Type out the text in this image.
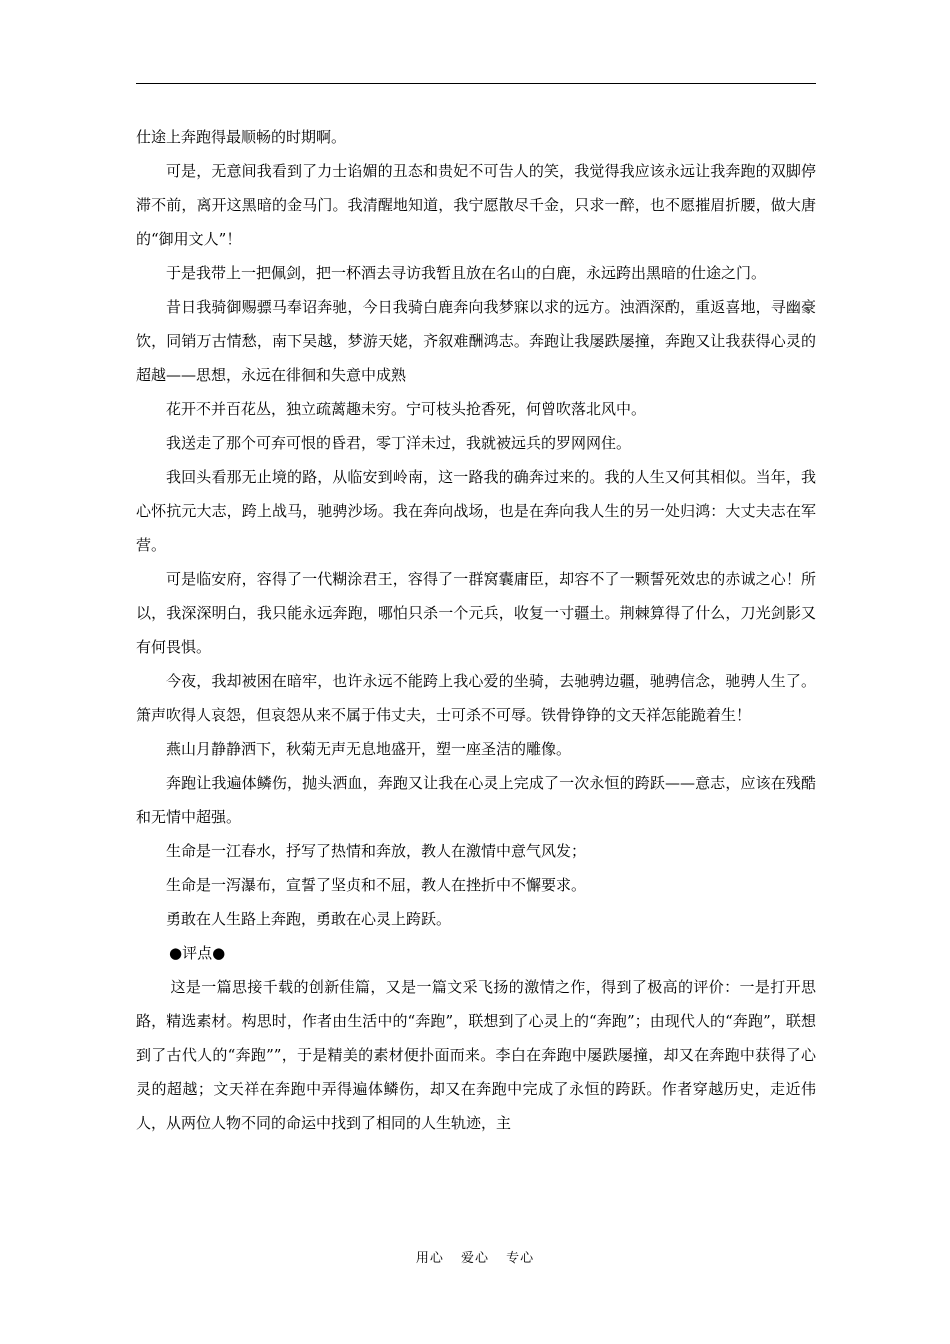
仕途上奔跑得最顺畅的时期啊。

可是，无意间我看到了力士谄媚的丑态和贵妃不可告人的笑，我觉得我应该永远让我奔跑的双脚停滞不前，离开这黑暗的金马门。我清醒地知道，我宁愿散尽千金，只求一醉，也不愿摧眉折腰，做大唐的“御用文人”！

于是我带上一把佩剑，把一杯酒去寻访我暂且放在名山的白鹿，永远跨出黑暗的仕途之门。

昔日我骑御赐骠马奉诏奔驰，今日我骑白鹿奔向我梦寐以求的远方。浊酒深酌，重返喜地，寻幽豪饮，同销万古情愁，南下吴越，梦游天姥，齐叙难酬鸿志。奔跑让我屡跌屡撞，奔跑又让我获得心灵的超越——思想，永远在徘徊和失意中成熟

花开不并百花丛，独立疏蓠趣未穷。宁可枝头抢香死，何曾吹落北风中。

我送走了那个可弃可恨的昏君，零丁洋未过，我就被远兵的罗网网住。

我回头看那无止境的路，从临安到岭南，这一路我的确奔过来的。我的人生又何其相似。当年，我心怀抗元大志，跨上战马，驰骋沙场。我在奔向战场，也是在奔向我人生的另一处归鸿：大丈夫志在军营。

可是临安府，容得了一代糊涂君王，容得了一群窝囊庸臣，却容不了一颗誓死效忠的赤诚之心！所以，我深深明白，我只能永远奔跑，哪怕只杀一个元兵，收复一寸疆土。荆棘算得了什么，刀光剑影又有何畏惧。

今夜，我却被困在暗牢，也许永远不能跨上我心爱的坐骑，去驰骋边疆，驰骋信念，驰骋人生了。箫声吹得人哀怨，但哀怨从来不属于伟丈夫，士可杀不可辱。铁骨铮铮的文天祥怎能跪着生！

燕山月静静洒下，秋菊无声无息地盛开，塑一座圣洁的雕像。

奔跑让我遍体鳞伤，抛头洒血，奔跑又让我在心灵上完成了一次永恒的跨跃——意志，应该在残酷和无情中超强。

生命是一江春水，抒写了热情和奔放，教人在激情中意气风发；

生命是一泻瀑布，宣誓了坚贞和不屈，教人在挫折中不懈要求。

勇敢在人生路上奔跑，勇敢在心灵上跨跃。

●评点●

这是一篇思接千载的创新佳篇，又是一篇文采飞扬的激情之作，得到了极高的评价：一是打开思路，精选素材。构思时，作者由生活中的“奔跑”，联想到了心灵上的“奔跑”；由现代人的“奔跑”，联想到了古代人的“奔跑””，于是精美的素材便扑面而来。李白在奔跑中屡跌屡撞，却又在奔跑中获得了心灵的超越；文天祥在奔跑中弄得遍体鳞伤，却又在奔跑中完成了永恒的跨跃。作者穿越历史，走近伟人，从两位人物不同的命运中找到了相同的人生轨迹，主

用心 爱心 专心
